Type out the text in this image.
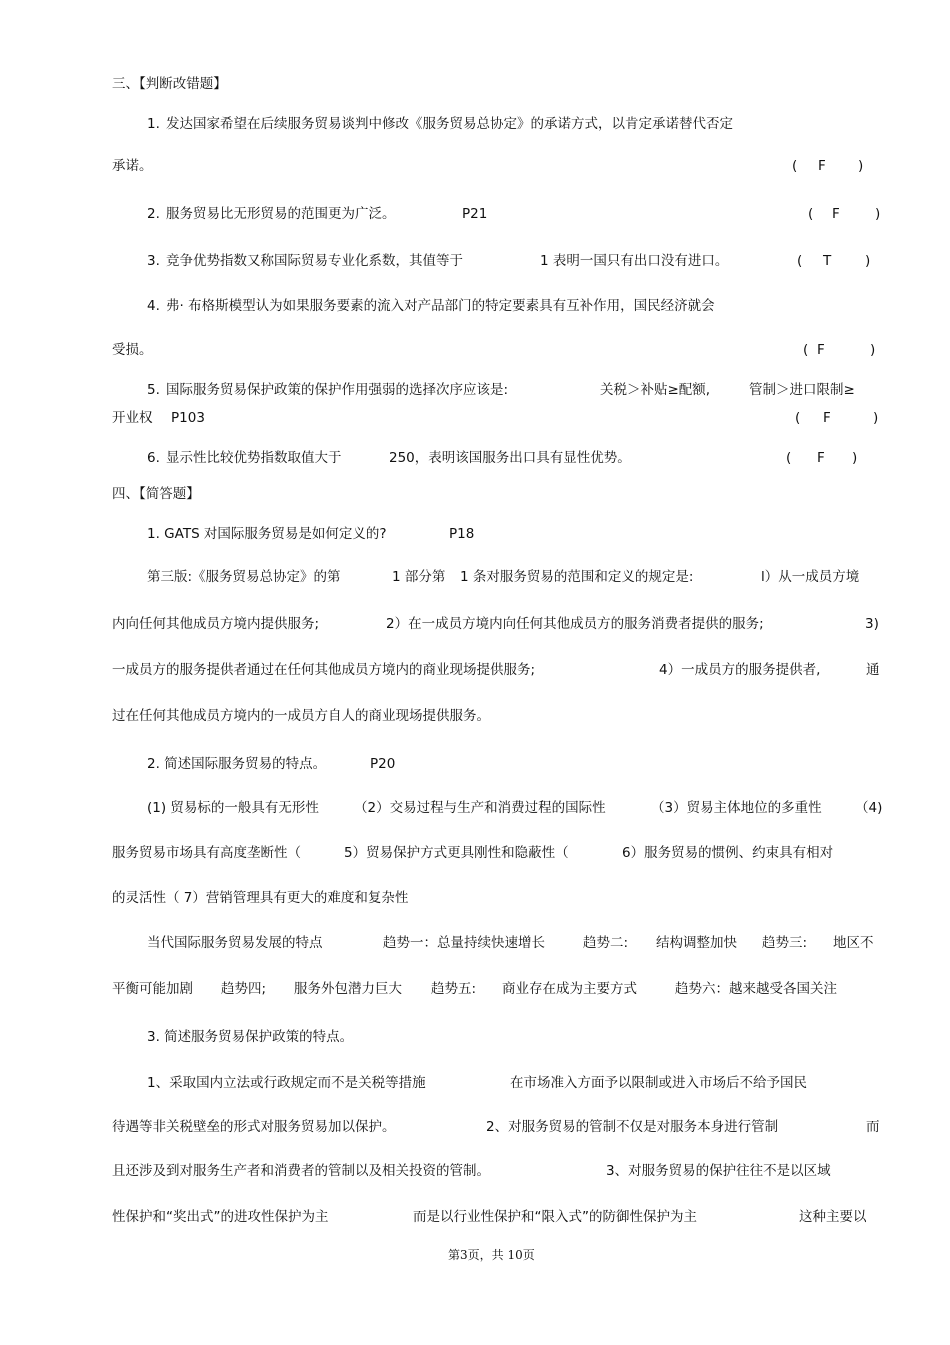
三、【判断改错题】
1. 发达国家希望在后续服务贸易谈判中修改《服务贸易总协定》的承诺方式，以肯定承诺替代否定
承诺。	( F )
2. 服务贸易比无形贸易的范围更为广泛。	P21	( F	)
3. 竞争优势指数又称国际贸易专业化系数，其值等于	1 表明一国只有出口没有进口。	( T	)
4. 弗· 布格斯模型认为如果服务要素的流入对产品部门的特定要素具有互补作用，国民经济就会
受损。	( F	)
5. 国际服务贸易保护政策的保护作用强弱的选择次序应该是:	关税＞补贴≥配额,	管制＞进口限制≥
开业权 P103	( F	)
6. 显示性比较优势指数取值大于	250，表明该国服务出口具有显性优势。	( F )
四、【简答题】
1. GATS 对国际服务贸易是如何定义的?	P18
第三版:《服务贸易总协定》的第	1 部分第 1 条对服务贸易的范围和定义的规定是:	l）从一成员方境
内向任何其他成员方境内提供服务;	2）在一成员方境内向任何其他成员方的服务消费者提供的服务;	3)
一成员方的服务提供者通过在任何其他成员方境内的商业现场提供服务;	4）一成员方的服务提供者,	通
过在任何其他成员方境内的一成员方自人的商业现场提供服务。
2. 简述国际服务贸易的特点。	P20
(1) 贸易标的一般具有无形性	（2）交易过程与生产和消费过程的国际性	（3）贸易主体地位的多重性 （4)
服务贸易市场具有高度垄断性（	5）贸易保护方式更具刚性和隐蔽性（	6）服务贸易的惯例、约束具有相对
的灵活性（ 7）营销管理具有更大的难度和复杂性
当代国际服务贸易发展的特点	趋势一：总量持续快速增长	趋势二: 结构调整加快 趋势三: 地区不
平衡可能加剧 趋势四; 服务外包潜力巨大 趋势五: 商业存在成为主要方式	趋势六：越来越受各国关注
3. 简述服务贸易保护政策的特点。
1、采取国内立法或行政规定而不是关税等措施	在市场准入方面予以限制或进入市场后不给予国民
待遇等非关税壁垒的形式对服务贸易加以保护。	2、对服务贸易的管制不仅是对服务本身进行管制	而
且还涉及到对服务生产者和消费者的管制以及相关投资的管制。	3、对服务贸易的保护往往不是以区域
性保护和“奖出式”的进攻性保护为主	而是以行业性保护和“限入式”的防御性保护为主	这种主要以
第3页，共 10页
